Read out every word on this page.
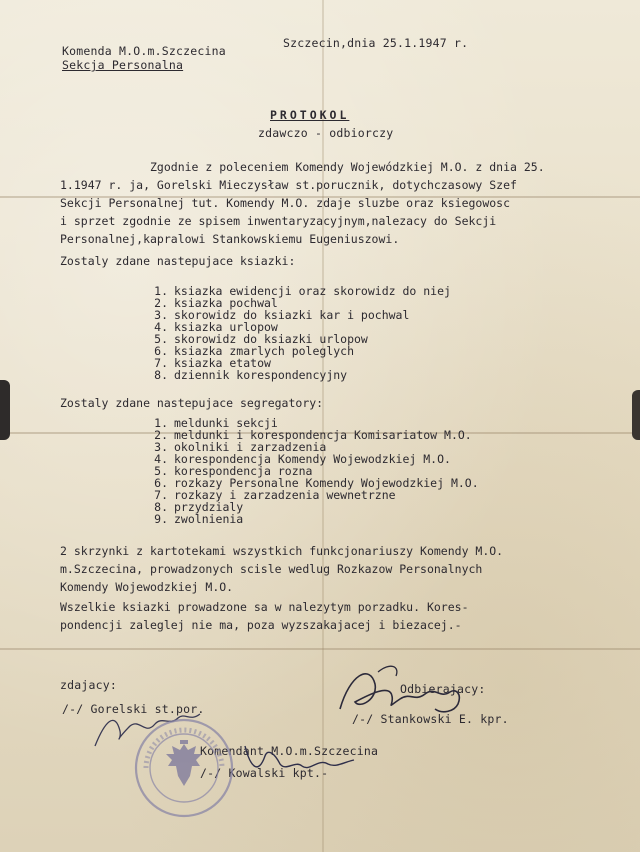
Szczecin,dnia 25.1.1947 r.
Komenda M.O.m.Szczecina
Sekcja Personalna
PROTOKOL
zdawczo - odbiorczy
Zgodnie z poleceniem Komendy Wojewódzkiej M.O. z dnia 25.
1.1947 r. ja, Gorelski Mieczysław st.porucznik, dotychczasowy Szef
Sekcji Personalnej tut. Komendy M.O. zdaje sluzbe oraz ksiegowosc
i sprzet zgodnie ze spisem inwentaryzacyjnym,nalezacy do Sekcji
Personalnej,kapralowi Stankowskiemu Eugeniuszowi.
Zostaly zdane nastepujace ksiazki:
1. ksiazka ewidencji oraz skorowidz do niej
2. ksiazka pochwal
3. skorowidz do ksiazki kar i pochwal
4. ksiazka urlopow
5. skorowidz do ksiazki urlopow
6. ksiazka zmarlych poleglych
7. ksiazka etatow
8. dziennik korespondencyjny
Zostaly zdane nastepujace segregatory:
1. meldunki sekcji
2. meldunki i korespondencja Komisariatow M.O.
3. okolniki i zarzadzenia
4. korespondencja Komendy Wojewodzkiej M.O.
5. korespondencja rozna
6. rozkazy Personalne Komendy Wojewodzkiej M.O.
7. rozkazy i zarzadzenia wewnetrzne
8. przydzialy
9. zwolnienia
2 skrzynki z kartotekami wszystkich funkcjonariuszy Komendy M.O.
m.Szczecina, prowadzonych scisle wedlug Rozkazow Personalnych
Komendy Wojewodzkiej M.O.
Wszelkie ksiazki prowadzone sa w nalezytym porzadku. Kores-
pondencji zaleglej nie ma, poza wyzszakajacej i biezacej.-
zdajacy:
/-/ Gorelski st.por.
Odbierajacy:
/-/ Stankowski E. kpr.
Komendant M.O.m.Szczecina
/-/ Kowalski kpt.-
